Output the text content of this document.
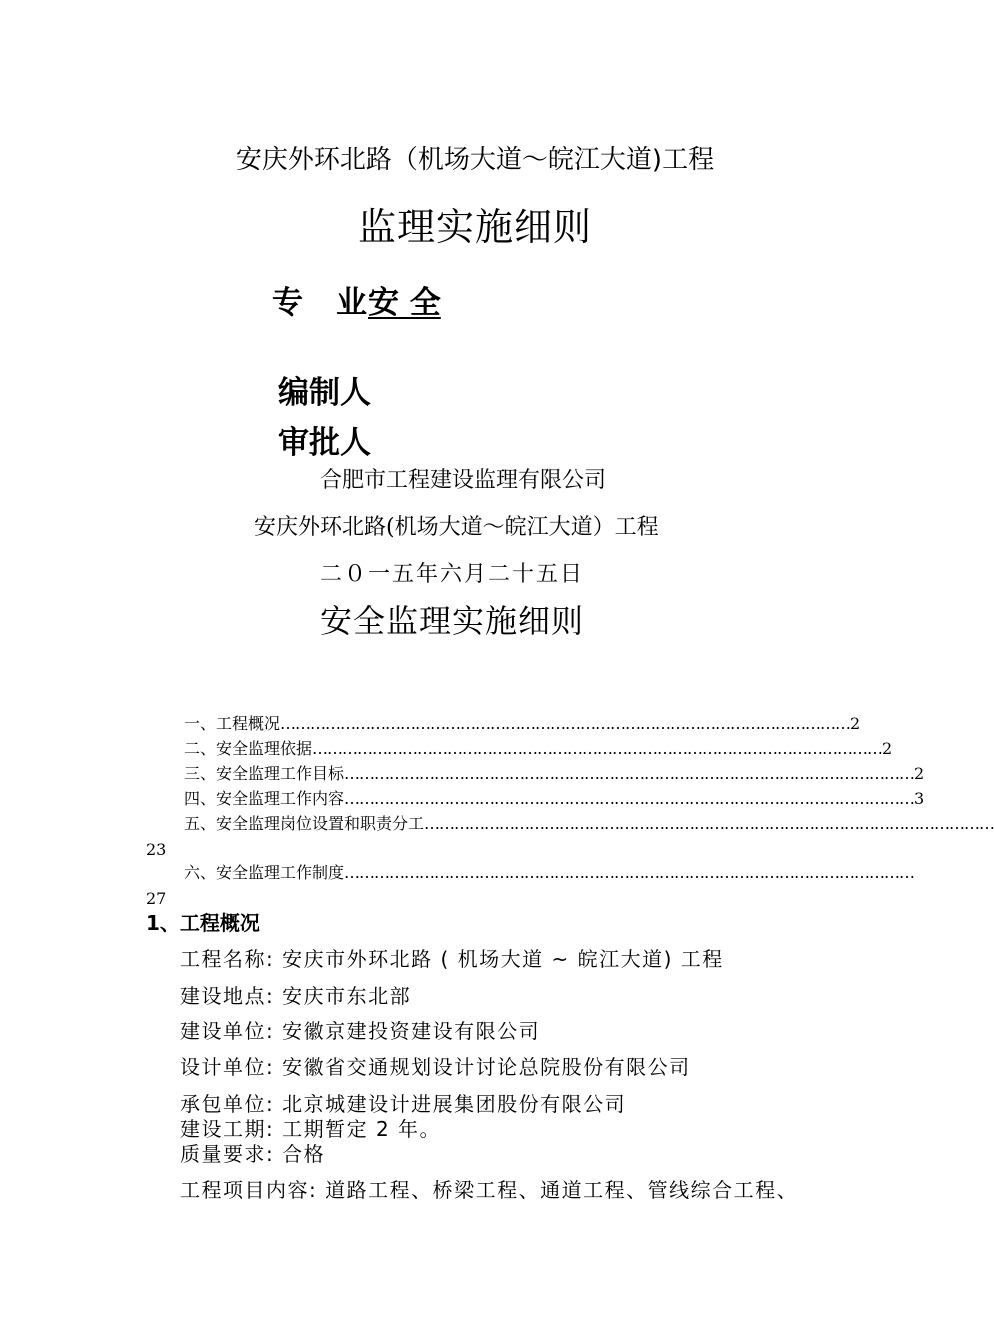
安庆外环北路（机场大道～皖江大道)工程
监理实施细则
专　业安 全
编制人
审批人
合肥市工程建设监理有限公司
安庆外环北路(机场大道～皖江大道）工程
二０一五年六月二十五日
安全监理实施细则
一、工程概况 …………………………………………………………………………………………………… 2
二、安全监理依据 …………………………………………………………………………………………………… 2
三、安全监理工作目标 …………………………………………………………………………………………………… 2
四、安全监理工作内容 …………………………………………………………………………………………………… 3
五、安全监理岗位设置和职责分工 ……………………………………………………………………………………………………
23
六、安全监理工作制度 ……………………………………………………………………………………………………
27
1、工程概况
工程名称: 安庆市外环北路 ( 机场大道 ~ 皖江大道) 工程
建设地点: 安庆市东北部
建设单位: 安徽京建投资建设有限公司
设计单位: 安徽省交通规划设计讨论总院股份有限公司
承包单位: 北京城建设计进展集团股份有限公司
建设工期: 工期暂定 2 年。
质量要求: 合格
工程项目内容: 道路工程、桥梁工程、通道工程、管线综合工程、
